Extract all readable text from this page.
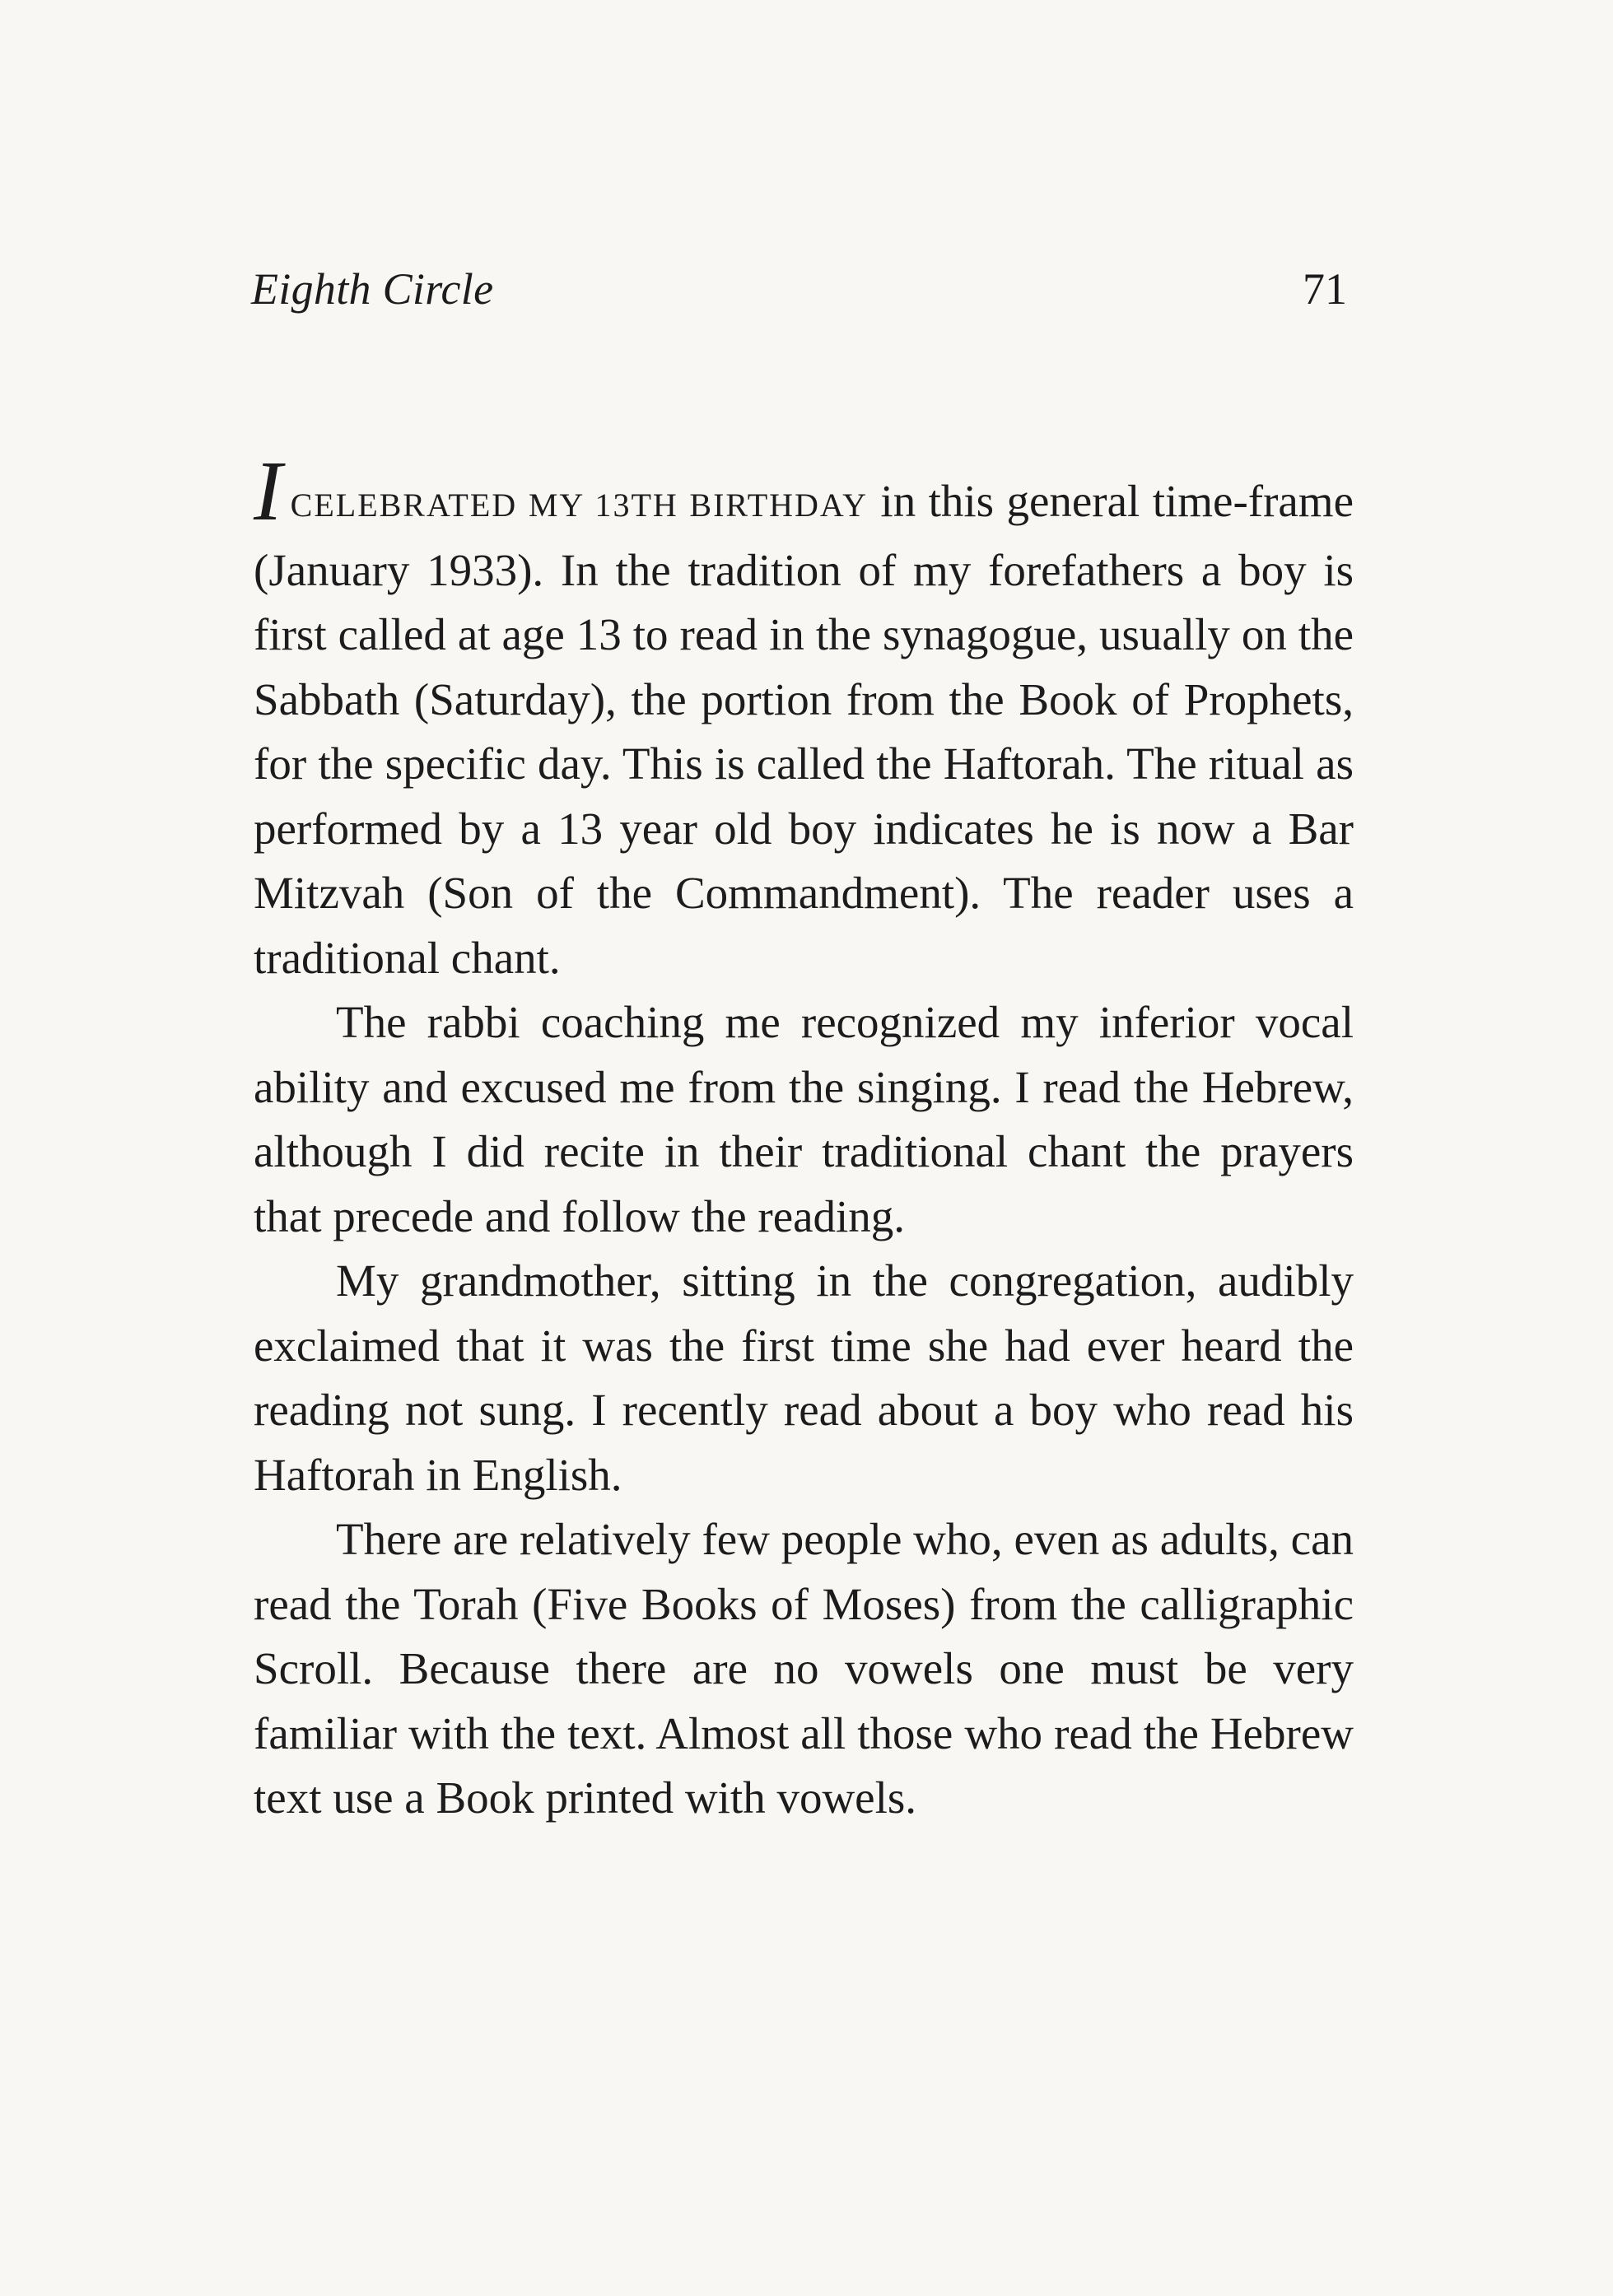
Eighth Circle	71

ICELEBRATED MY 13TH BIRTHDAY in this general time-frame (January 1933). In the tradition of my forefathers a boy is first called at age 13 to read in the synagogue, usually on the Sabbath (Saturday), the portion from the Book of Prophets, for the specific day. This is called the Haftorah. The ritual as performed by a 13 year old boy indicates he is now a Bar Mitzvah (Son of the Commandment). The reader uses a traditional chant.

The rabbi coaching me recognized my inferior vocal ability and excused me from the singing. I read the Hebrew, although I did recite in their traditional chant the prayers that precede and follow the reading.

My grandmother, sitting in the congregation, audibly exclaimed that it was the first time she had ever heard the reading not sung. I recently read about a boy who read his Haftorah in English.

There are relatively few people who, even as adults, can read the Torah (Five Books of Moses) from the calligraphic Scroll. Because there are no vowels one must be very familiar with the text. Almost all those who read the Hebrew text use a Book printed with vowels.
